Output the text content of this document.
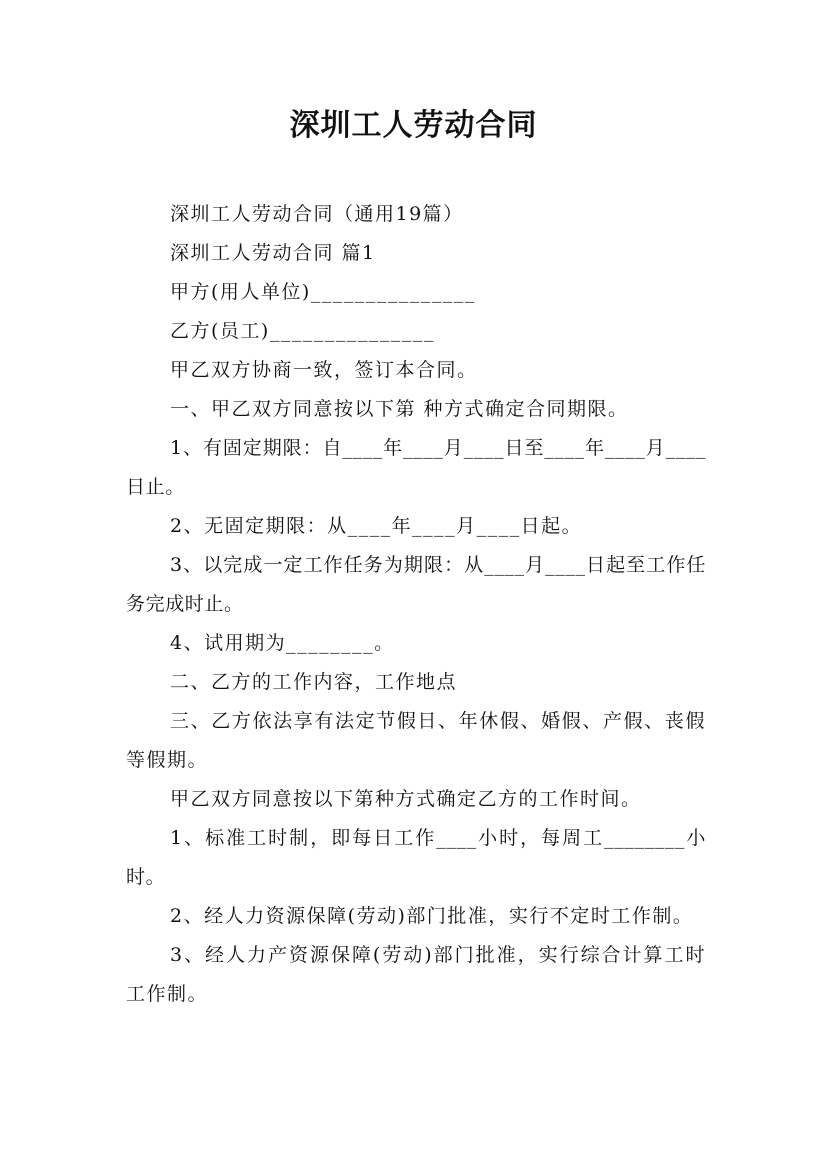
深圳工人劳动合同

深圳工人劳动合同（通用19篇）

深圳工人劳动合同 篇1

甲方(用人单位)_______________

乙方(员工)_______________

甲乙双方协商一致，签订本合同。

一、甲乙双方同意按以下第 种方式确定合同期限。

1、有固定期限：自____年____月____日至____年____月____日止。

2、无固定期限：从____年____月____日起。

3、以完成一定工作任务为期限：从____月____日起至工作任务完成时止。

4、试用期为________。

二、乙方的工作内容，工作地点

三、乙方依法享有法定节假日、年休假、婚假、产假、丧假等假期。

甲乙双方同意按以下第种方式确定乙方的工作时间。

1、标准工时制，即每日工作____小时，每周工________小时。

2、经人力资源保障(劳动)部门批准，实行不定时工作制。

3、经人力产资源保障(劳动)部门批准，实行综合计算工时工作制。
